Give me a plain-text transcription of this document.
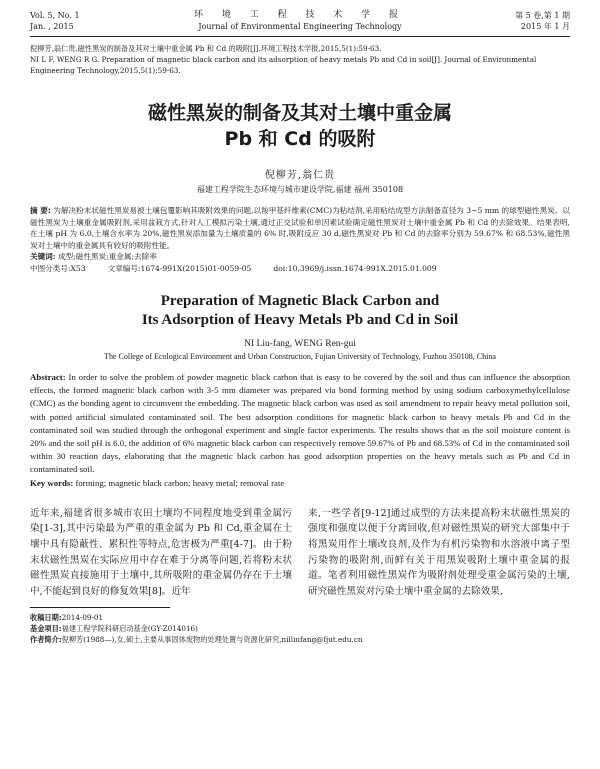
Vol. 5, No. 1
Jan. , 2015
环 境 工 程 技 术 学 报
Journal of Environmental Engineering Technology
第 5 卷,第 1 期
2015 年 1 月
倪柳芳,翁仁贵.磁性黑炭的制备及其对土壤中重金属 Pb 和 Cd 的吸附[J].环境工程技术学报,2015,5(1):59-63.
NI L F, WENG R G. Preparation of magnetic black carbon and its adsorption of heavy metals Pb and Cd in soil[J]. Journal of Environmental Engineering Technology,2015,5(1):59-63.
磁性黑炭的制备及其对土壤中重金属
Pb 和 Cd 的吸附
倪柳芳,翁仁贵
福建工程学院生态环境与城市建设学院,福建 福州 350108
摘 要: 为解决粉末状磁性黑炭易被土壤包覆影响其吸附效果的问题,以羧甲基纤维素(CMC)为粘结剂,采用粘结成型方法制备直径为 3~5 mm 的球型磁性黑炭。以磁性黑炭为土壤重金属吸附剂,采用盆栽方式,针对人工模拟污染土壤,通过正交试验和单因素试验确定磁性黑炭对土壤中重金属 Pb 和 Cd 的去除效果。结果表明,在土壤 pH 为 6.0,土壤含水率为 20%,磁性黑炭添加量为土壤质量的 6% 时,吸附反应 30 d,磁性黑炭对 Pb 和 Cd 的去除率分别为 59.67% 和 68.53%,磁性黑炭对土壤中的重金属具有较好的吸附性能。
关键词: 成型;磁性黑炭;重金属;去除率
中图分类号:X53	文章编号:1674-991X(2015)01-0059-05	doi:10.3969/j.issn.1674-991X.2015.01.009
Preparation of Magnetic Black Carbon and
Its Adsorption of Heavy Metals Pb and Cd in Soil
NI Liu-fang, WENG Ren-gui
The College of Ecological Environment and Urban Construction, Fujian University of Technology, Fuzhou 350108, China
Abstract: In order to solve the problem of powder magnetic black carbon that is easy to be covered by the soil and thus can influence the absorption effects, the formed magnetic black carbon with 3-5 mm diameter was prepared via bond forming method by using sodium carboxymethylcellulose (CMC) as the bonding agent to circumvent the embedding. The magnetic black carbon was used as soil amendment to repair heavy metal pollution soil, with potted artificial simulated contaminated soil. The best adsorption conditions for magnetic black carbon to heavy metals Pb and Cd in the contaminated soil was studied through the orthogonal experiment and single factor experiments. The results shows that as the soil moisture content is 20% and the soil pH is 6.0, the addition of 6% magnetic black carbon can respectively remove 59.67% of Pb and 68.53% of Cd in the contaminated soil within 30 reaction days, elaborating that the magnetic black carbon has good adsorption properties on the heavy metals such as Pb and Cd in contaminated soil.
Key words: forming; magnetic black carbon; heavy metal; removal rate

近年来,福建省很多城市农田土壤均不同程度地受到重金属污染[1-3],其中污染最为严重的重金属为 Pb 和 Cd,重金属在土壤中具有隐蔽性、累积性等特点,危害极为严重[4-7]。由于粉末状磁性黑炭在实际应用中存在难于分离等问题,若将粉末状磁性黑炭直接施用于土壤中,其所吸附的重金属仍存在于土壤中,不能起到良好的修复效果[8]。近年

来,一些学者[9-12]通过成型的方法来提高粉末状磁性黑炭的强度和强度以便于分离回收,但对磁性黑炭的研究大部集中于将黑炭用作土壤改良剂,及作为有机污染物和水溶液中离子型污染物的吸附剂,而鲜有关于用黑炭吸附土壤中重金属的报道。笔者利用磁性黑炭作为吸附剂处理受重金属污染的土壤,研究磁性黑炭对污染土壤中重金属的去除效果,

收稿日期:2014-09-01
基金项目:福建工程学院科研启动基金(GY-Z014016)
作者简介:倪柳芳(1988—),女,硕士,主要从事固体废物的处理处置与资源化研究,nilliufang@fjut.edu.cn
